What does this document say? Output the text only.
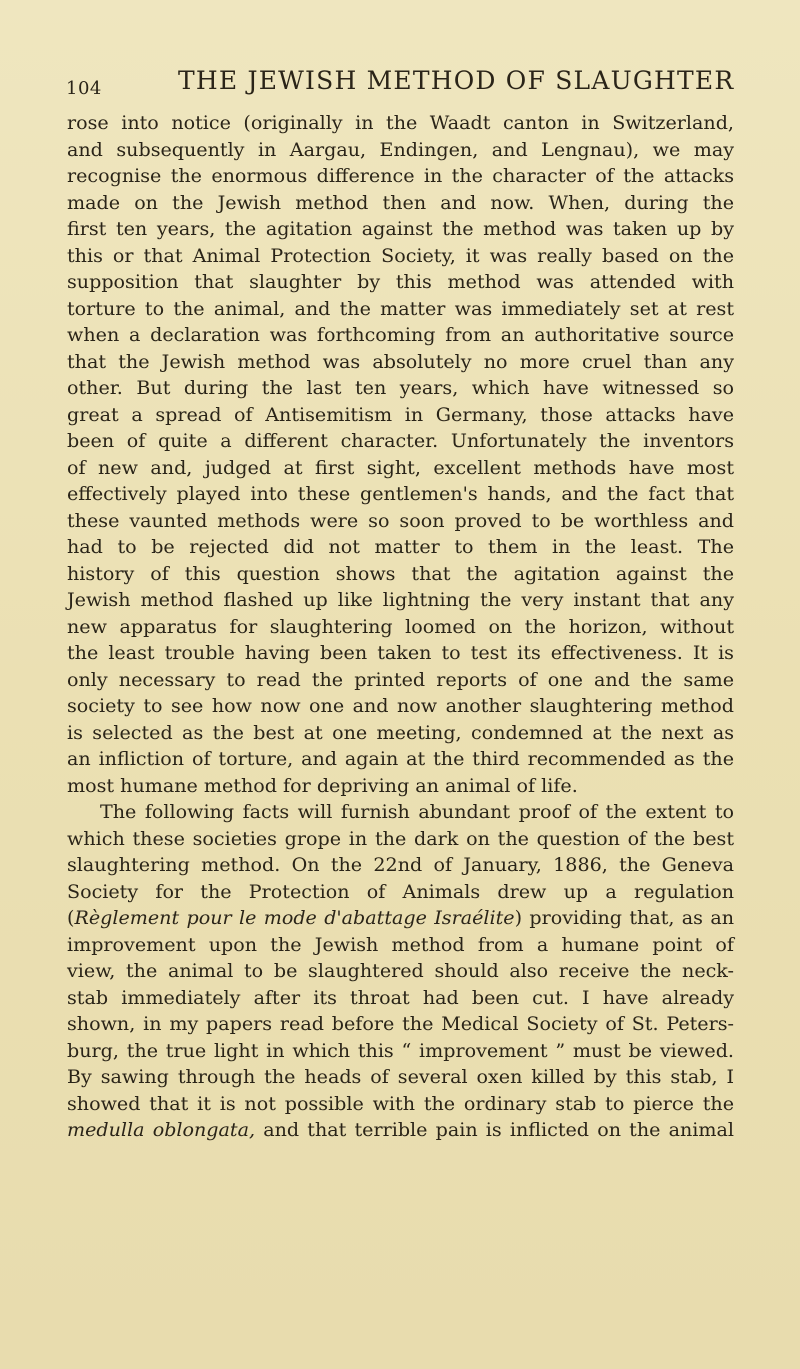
104	THE JEWISH METHOD OF SLAUGHTER
rose into notice (originally in the Waadt canton in Switzerland,
and subsequently in Aargau, Endingen, and Lengnau), we may
recognise the enormous difference in the character of the attacks
made on the Jewish method then and now. When, during the
first ten years, the agitation against the method was taken up by
this or that Animal Protection Society, it was really based on the
supposition that slaughter by this method was attended with
torture to the animal, and the matter was immediately set at rest
when a declaration was forthcoming from an authoritative source
that the Jewish method was absolutely no more cruel than any
other. But during the last ten years, which have witnessed so
great a spread of Antisemitism in Germany, those attacks have
been of quite a different character. Unfortunately the inventors
of new and, judged at first sight, excellent methods have most
effectively played into these gentlemen's hands, and the fact that
these vaunted methods were so soon proved to be worthless and
had to be rejected did not matter to them in the least. The
history of this question shows that the agitation against the
Jewish method flashed up like lightning the very instant that any
new apparatus for slaughtering loomed on the horizon, without
the least trouble having been taken to test its effectiveness. It is
only necessary to read the printed reports of one and the same
society to see how now one and now another slaughtering method
is selected as the best at one meeting, condemned at the next as
an infliction of torture, and again at the third recommended as the
most humane method for depriving an animal of life.
The following facts will furnish abundant proof of the extent to
which these societies grope in the dark on the question of the best
slaughtering method. On the 22nd of January, 1886, the Geneva
Society for the Protection of Animals drew up a regulation
(Règlement pour le mode d'abattage Israélite) providing that, as an
improvement upon the Jewish method from a humane point of
view, the animal to be slaughtered should also receive the neck-
stab immediately after its throat had been cut. I have already
shown, in my papers read before the Medical Society of St. Peters-
burg, the true light in which this “ improvement ” must be viewed.
By sawing through the heads of several oxen killed by this stab, I
showed that it is not possible with the ordinary stab to pierce the
medulla oblongata, and that terrible pain is inflicted on the animal
